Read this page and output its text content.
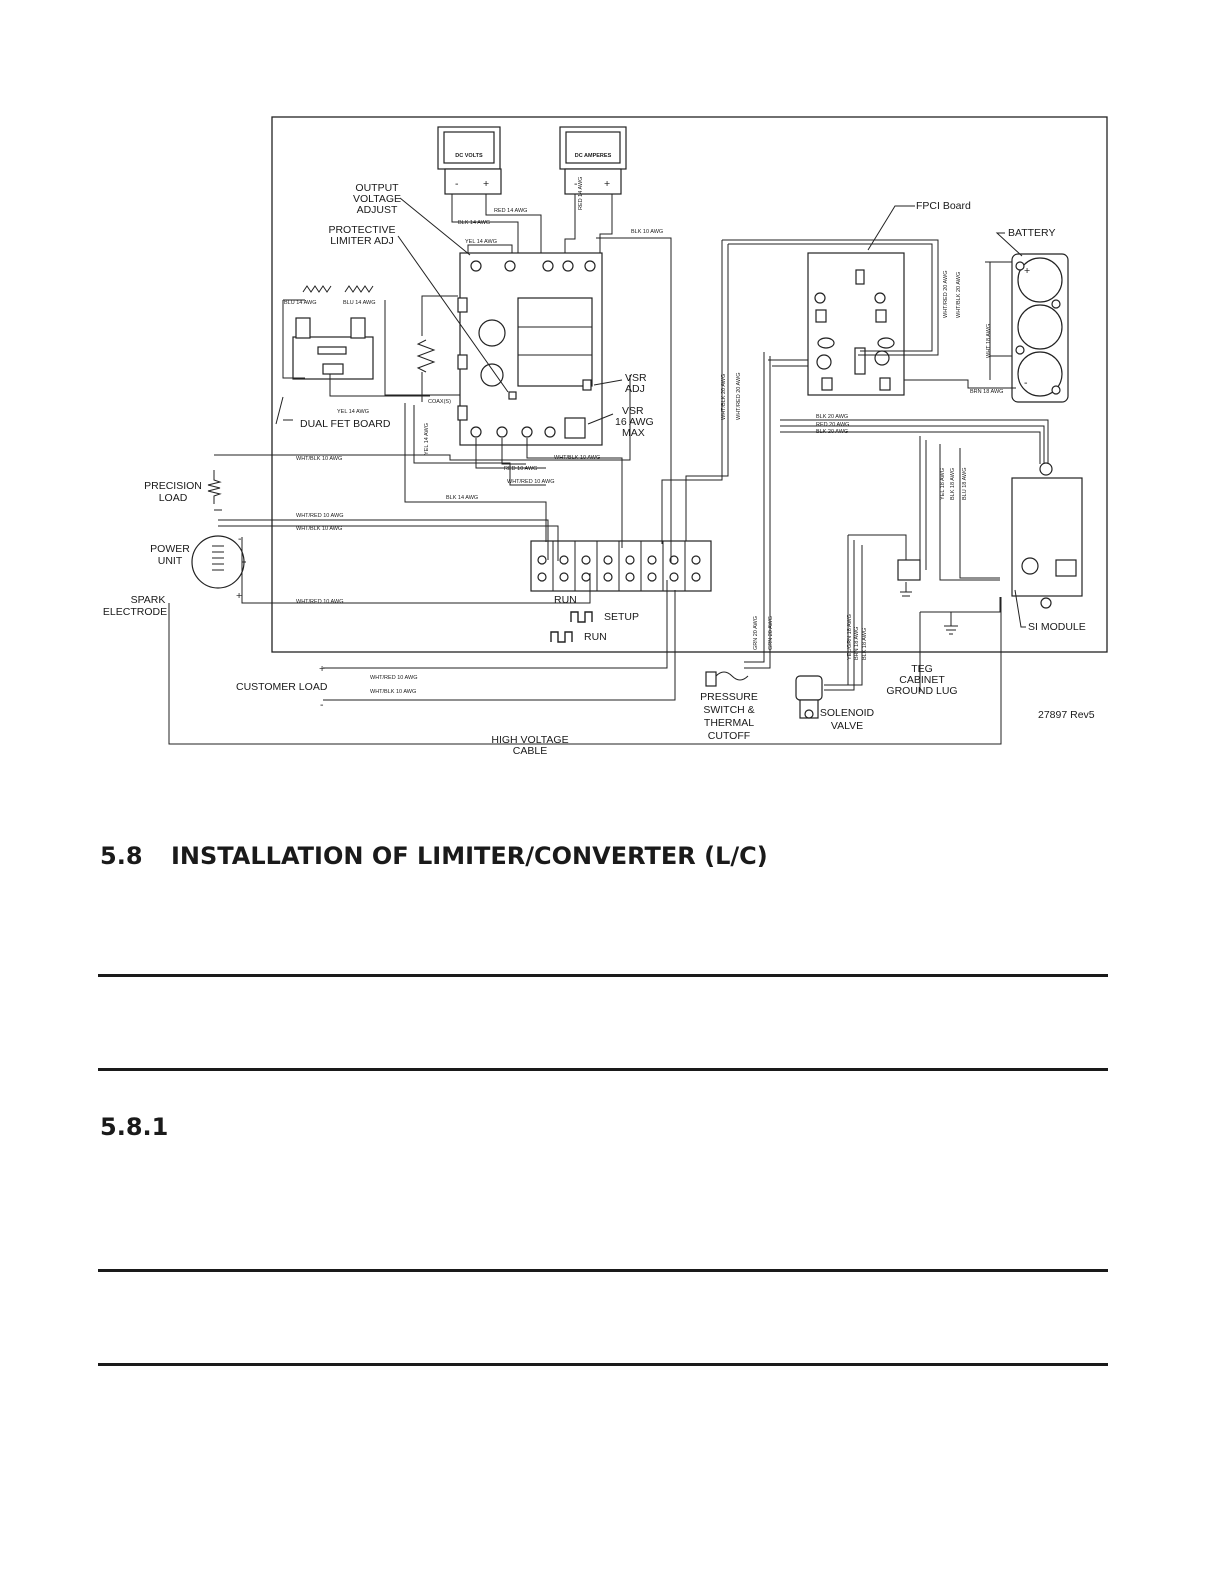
DC VOLTS
- +
DC AMPERES
-	+
+
-
RED 14 AWG
BLK 14 AWG
YEL 14 AWG
BLK 10 AWG
BLU 14 AWG	BLU 14 AWG
YEL 14 AWG
COAX(S)
WHT/BLK 10 AWG	WHT/BLK 10 AWG
RED 10 AWG
WHT/RED 10 AWG
BLK 14 AWG
WHT/RED 10 AWG
WHT/BLK 10 AWG
WHT/RED 10 AWG
WHT/RED 10 AWG
WHT/BLK 10 AWG
BLK 20 AWG
RED 20 AWG
BLK 20 AWG
BRN 18 AWG
WHT/BLK 20 AWG WHT/RED 20 AWG
WHT/RED 20 AWG WHT/BLK 20 AWG
WHT 18 AWG
YEL 18 AWG BLK 18 AWG BLU 18 AWG
GRN 20 AWG GRN 20 AWG	YEL/GRN 18 AWG BRN 18 AWG BLK 18 AWG
YEL 14 AWG
RED 14 AWG
OUTPUT
VOLTAGE
ADJUST
PROTECTIVE
LIMITER ADJ
FPCI Board
BATTERY
VSR
ADJ
VSR
16 AWG
MAX
DUAL FET BOARD
PRECISION
LOAD
POWER
UNIT
SPARK
ELECTRODE
-
+	RUN
SETUP
RUN
SI MODULE
CUSTOMER LOAD
+
-
PRESSURE
SWITCH &
THERMAL
CUTOFF
SOLENOID
VALVE
TEG
CABINET
GROUND LUG
27897 Rev5
HIGH VOLTAGE
CABLE
5.8 INSTALLATION OF LIMITER/CONVERTER (L/C)
5.8.1
